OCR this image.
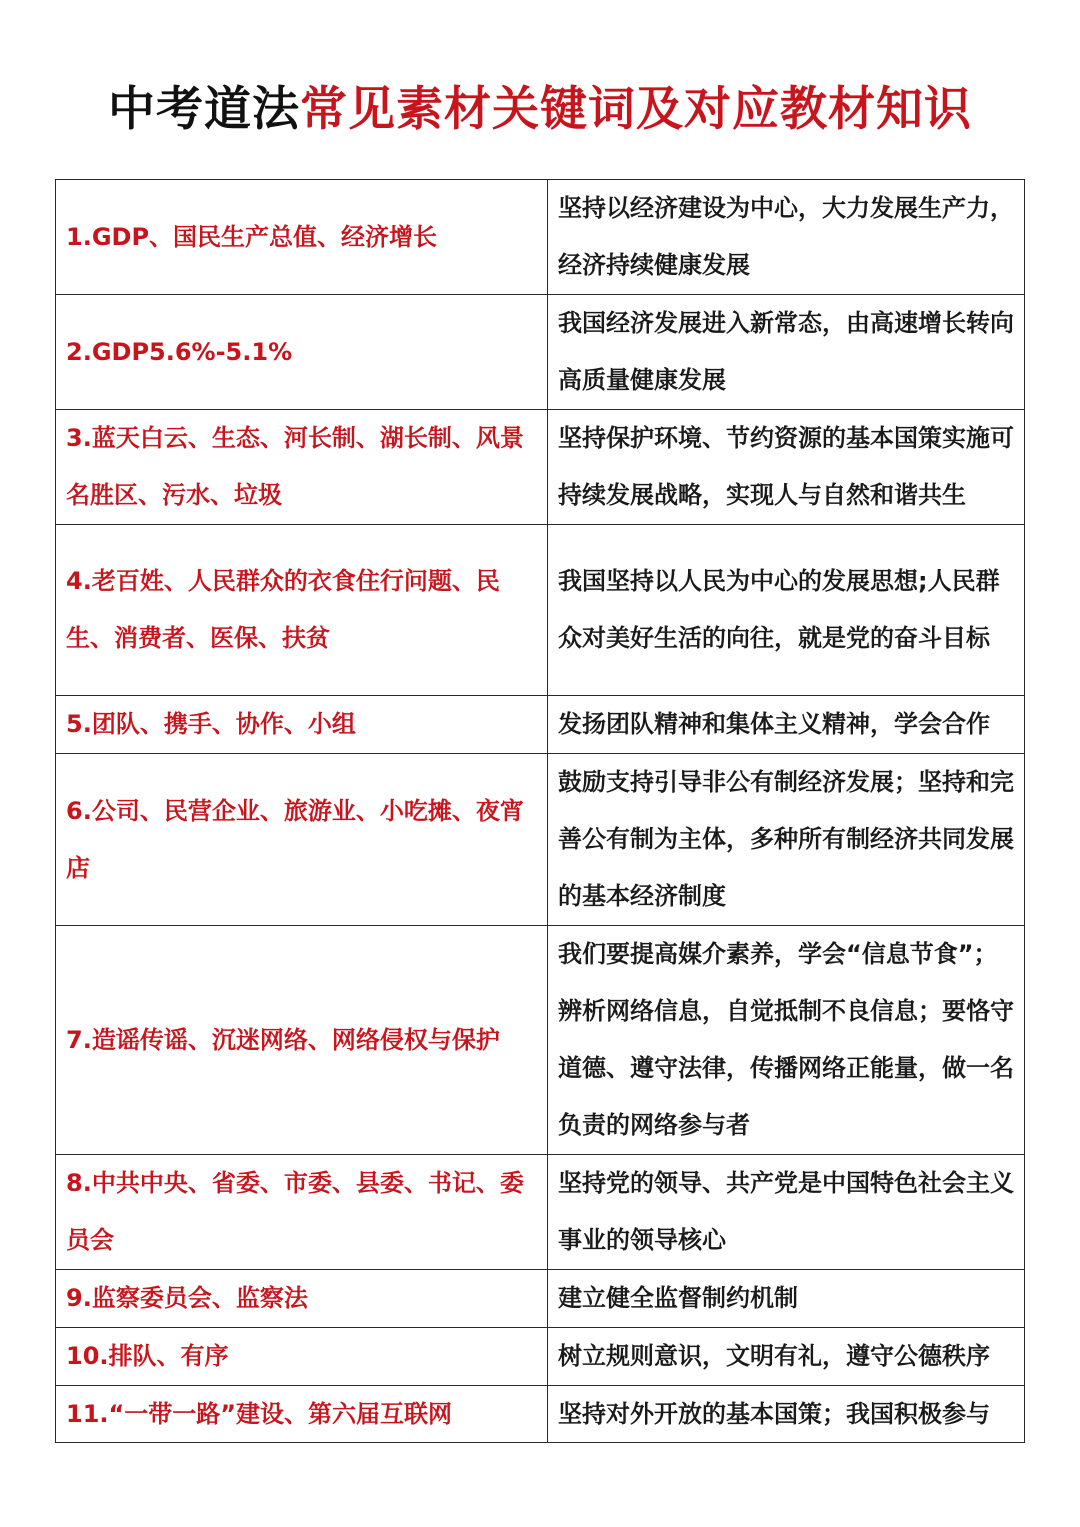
中考道法常见素材关键词及对应教材知识
1.GDP、国民生产总值、经济增长	坚持以经济建设为中心，大力发展生产力，经济持续健康发展
2.GDP5.6%-5.1%	我国经济发展进入新常态，由高速增长转向高质量健康发展
3.蓝天白云、生态、河长制、湖长制、风景名胜区、污水、垃圾	坚持保护环境、节约资源的基本国策实施可持续发展战略，实现人与自然和谐共生
4.老百姓、人民群众的衣食住行问题、民生、消费者、医保、扶贫	我国坚持以人民为中心的发展思想;人民群众对美好生活的向往，就是党的奋斗目标
5.团队、携手、协作、小组	发扬团队精神和集体主义精神，学会合作
6.公司、民营企业、旅游业、小吃摊、夜宵店	鼓励支持引导非公有制经济发展；坚持和完善公有制为主体，多种所有制经济共同发展的基本经济制度
7.造谣传谣、沉迷网络、网络侵权与保护	我们要提高媒介素养，学会“信息节食”；辨析网络信息，自觉抵制不良信息；要恪守道德、遵守法律，传播网络正能量，做一名负责的网络参与者
8.中共中央、省委、市委、县委、书记、委员会	坚持党的领导、共产党是中国特色社会主义事业的领导核心
9.监察委员会、监察法	建立健全监督制约机制
10.排队、有序	树立规则意识，文明有礼，遵守公德秩序

11.“一带一路”建设、第六届互联网	坚持对外开放的基本国策；我国积极参与
